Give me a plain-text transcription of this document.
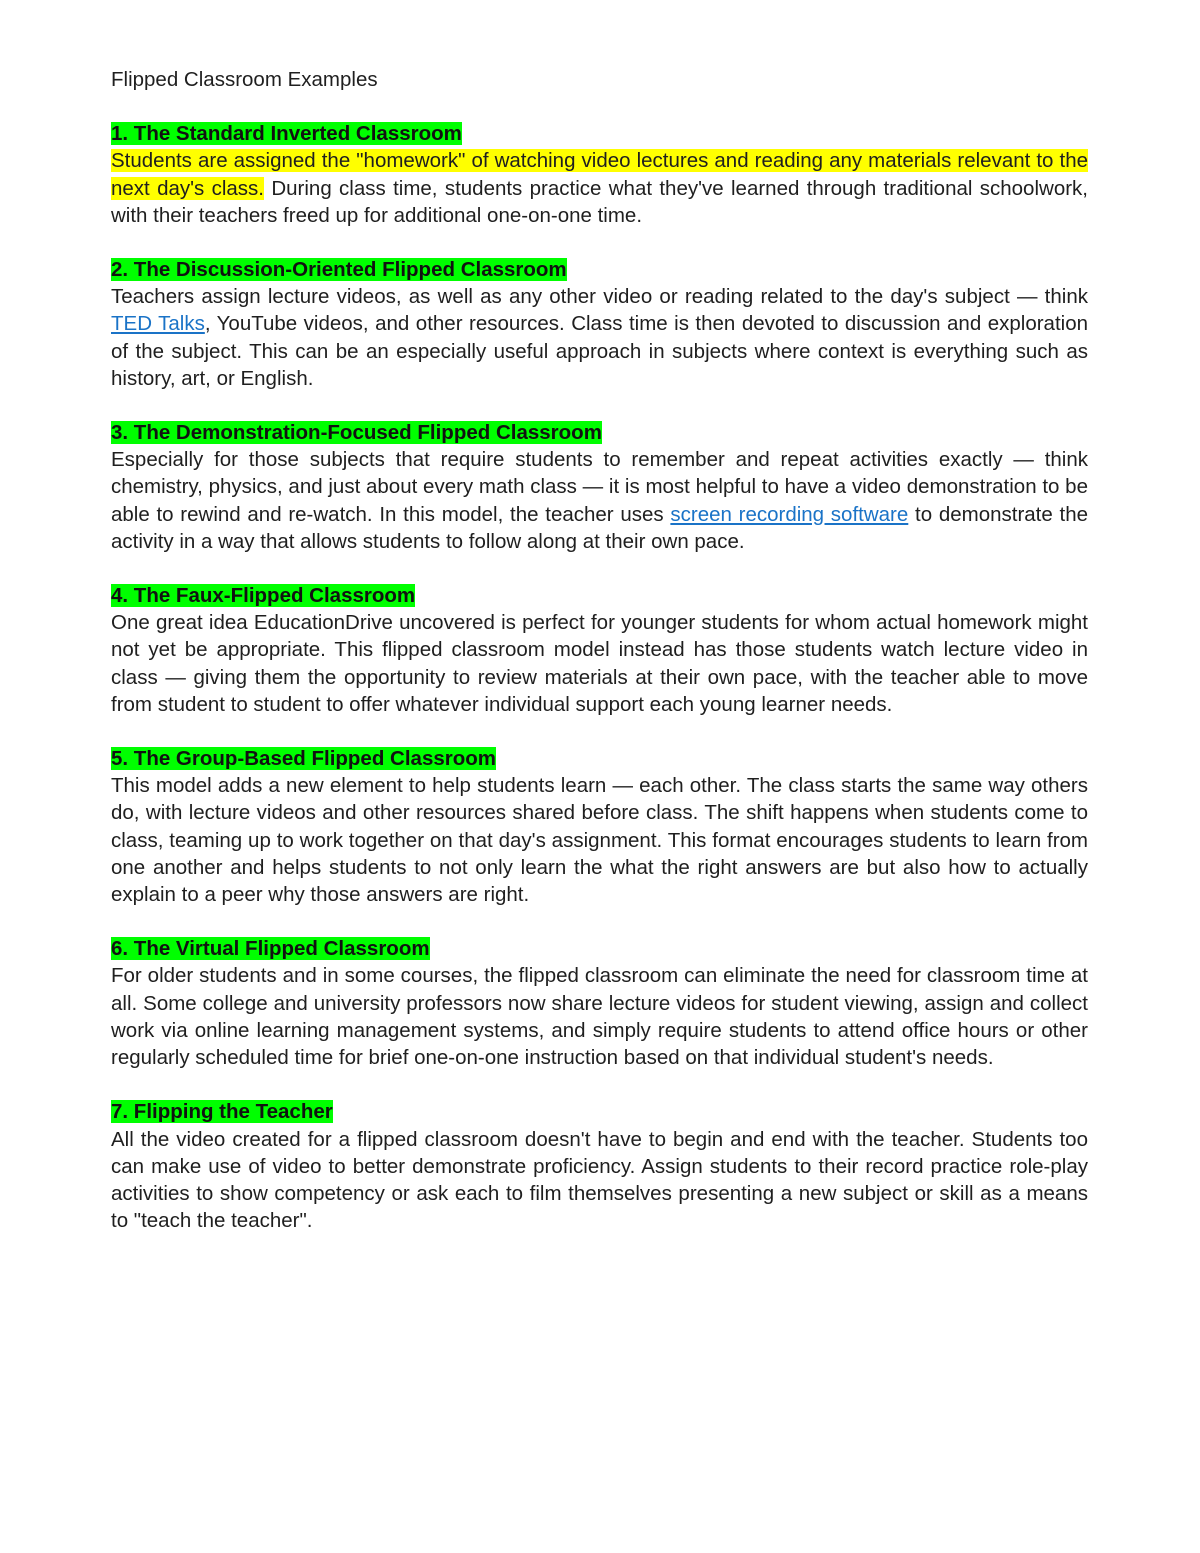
Flipped Classroom Examples
1. The Standard Inverted Classroom

Students are assigned the "homework" of watching video lectures and reading any materials relevant to the next day's class. During class time, students practice what they've learned through traditional schoolwork, with their teachers freed up for additional one-on-one time.

2. The Discussion-Oriented Flipped Classroom

Teachers assign lecture videos, as well as any other video or reading related to the day's subject — think TED Talks, YouTube videos, and other resources. Class time is then devoted to discussion and exploration of the subject. This can be an especially useful approach in subjects where context is everything such as history, art, or English.

3. The Demonstration-Focused Flipped Classroom

Especially for those subjects that require students to remember and repeat activities exactly — think chemistry, physics, and just about every math class — it is most helpful to have a video demonstration to be able to rewind and re-watch. In this model, the teacher uses screen recording software to demonstrate the activity in a way that allows students to follow along at their own pace.

4. The Faux-Flipped Classroom

One great idea EducationDrive uncovered is perfect for younger students for whom actual homework might not yet be appropriate. This flipped classroom model instead has those students watch lecture video in class — giving them the opportunity to review materials at their own pace, with the teacher able to move from student to student to offer whatever individual support each young learner needs.

5. The Group-Based Flipped Classroom

This model adds a new element to help students learn — each other. The class starts the same way others do, with lecture videos and other resources shared before class. The shift happens when students come to class, teaming up to work together on that day's assignment. This format encourages students to learn from one another and helps students to not only learn the what the right answers are but also how to actually explain to a peer why those answers are right.

6. The Virtual Flipped Classroom

For older students and in some courses, the flipped classroom can eliminate the need for classroom time at all. Some college and university professors now share lecture videos for student viewing, assign and collect work via online learning management systems, and simply require students to attend office hours or other regularly scheduled time for brief one-on-one instruction based on that individual student's needs.

7. Flipping the Teacher

All the video created for a flipped classroom doesn't have to begin and end with the teacher. Students too can make use of video to better demonstrate proficiency. Assign students to their record practice role-play activities to show competency or ask each to film themselves presenting a new subject or skill as a means to "teach the teacher".
